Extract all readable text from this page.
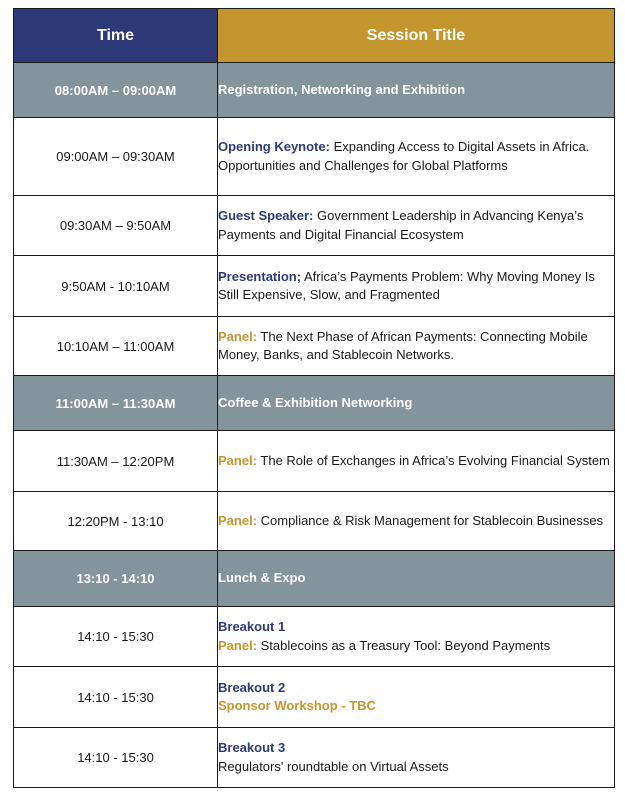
Time	Session Title
08:00AM – 09:00AM	Registration, Networking and Exhibition
09:00AM – 09:30AM	Opening Keynote: Expanding Access to Digital Assets in Africa. Opportunities and Challenges for Global Platforms
09:30AM – 9:50AM	Guest Speaker: Government Leadership in Advancing Kenya’s Payments and Digital Financial Ecosystem
9:50AM - 10:10AM	Presentation; Africa’s Payments Problem: Why Moving Money Is Still Expensive, Slow, and Fragmented
10:10AM – 11:00AM	Panel: The Next Phase of African Payments: Connecting Mobile Money, Banks, and Stablecoin Networks.
11:00AM – 11:30AM	Coffee & Exhibition Networking
11:30AM – 12:20PM	Panel: The Role of Exchanges in Africa’s Evolving Financial System
12:20PM - 13:10	Panel: Compliance & Risk Management for Stablecoin Businesses
13:10 - 14:10	Lunch & Expo
14:10 - 15:30	Breakout 1
Panel: Stablecoins as a Treasury Tool: Beyond Payments

14:10 - 15:30	Breakout 2
Sponsor Workshop - TBC

14:10 - 15:30	Breakout 3
Regulators' roundtable on Virtual Assets
